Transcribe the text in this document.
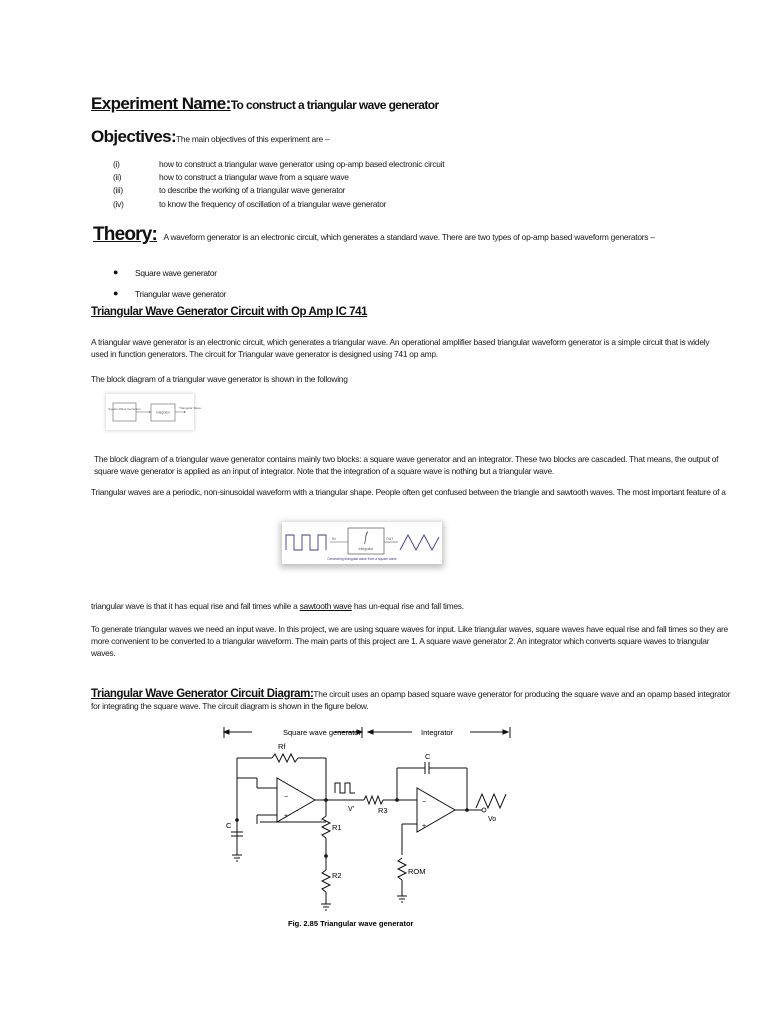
Experiment Name:To construct a triangular wave generator
Objectives:The main objectives of this experiment are –
(i)	how to construct a triangular wave generator using op-amp based electronic circuit
(ii)	how to construct a triangular wave from a square wave
(iii)	to describe the working of a triangular wave generator
(iv)	to know the frequency of oscillation of a triangular wave generator
Theory: A waveform generator is an electronic circuit, which generates a standard wave. There are two types of op-amp based waveform generators –
● Square wave generator
● Triangular wave generator
Triangular Wave Generator Circuit with Op Amp IC 741
A triangular wave generator is an electronic circuit, which generates a triangular wave. An operational amplifier based triangular waveform generator is a simple circuit that is widely
used in function generators. The circuit for Triangular wave generator is designed using 741 op amp.
The block diagram of a triangular wave generator is shown in the following
Square Wave Generator
Integrator
Triangular Wave
The block diagram of a triangular wave generator contains mainly two blocks: a square wave generator and an integrator. These two blocks are cascaded. That means, the output of
square wave generator is applied as an input of integrator. Note that the integration of a square wave is nothing but a triangular wave.
Triangular waves are a periodic, non-sinusoidal waveform with a triangular shape. People often get confused between the triangle and sawtooth waves. The most important feature of a
IN
Integrator
OUT
Generating triangular wave from a square wave
triangular wave is that it has equal rise and fall times while a sawtooth wave has un-equal rise and fall times.
To generate triangular waves we need an input wave. In this project, we are using square waves for input. Like triangular waves, square waves have equal rise and fall times so they are
more convenient to be converted to a triangular waveform. The main parts of this project are 1. A square wave generator 2. An integrator which converts square waves to triangular
waves.
Triangular Wave Generator Circuit Diagram:The circuit uses an opamp based square wave generator for producing the square wave and an opamp based integrator
for integrating the square wave. The circuit diagram is shown in the figure below.
Square wave generator	Integrator
Rf
C
C
R1
R2
R3
ROM
V'
Vo
−
+
−
+
Fig. 2.85 Triangular wave generator
